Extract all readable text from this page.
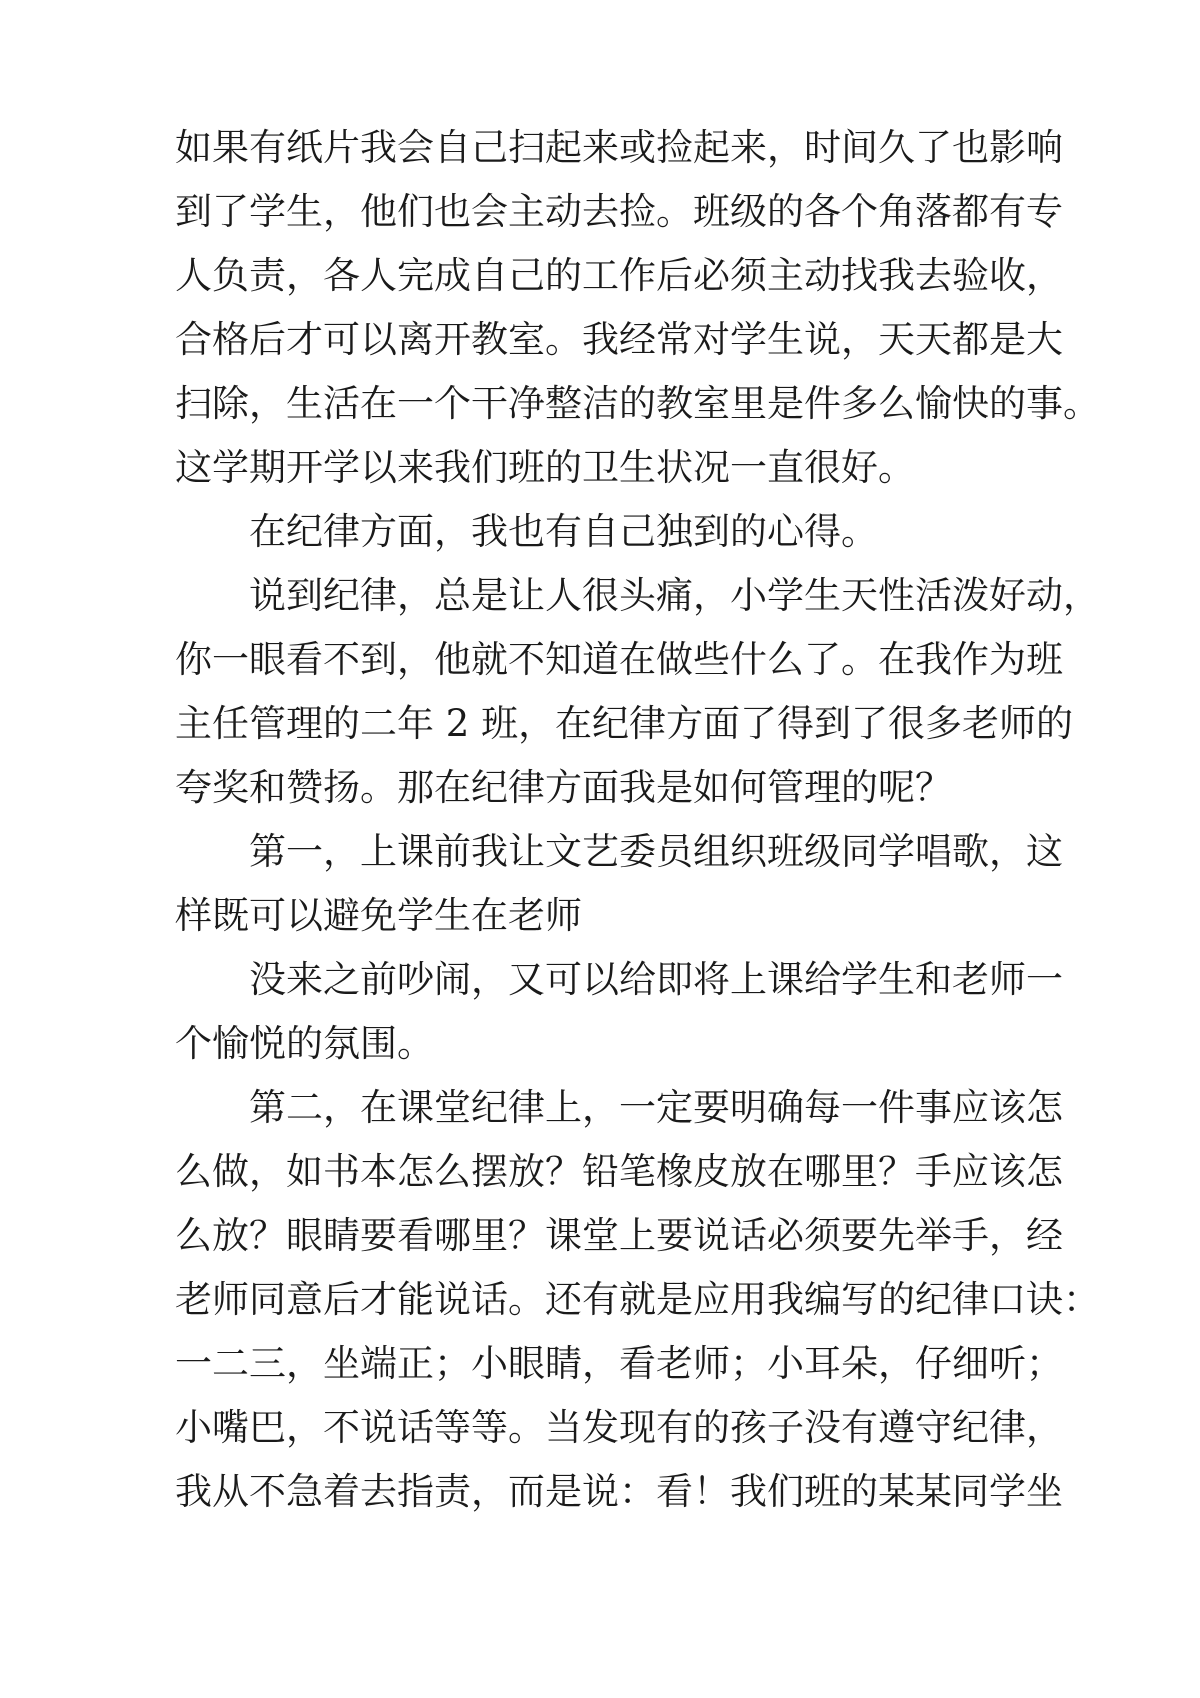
如果有纸片我会自己扫起来或捡起来，时间久了也影响
到了学生，他们也会主动去捡。班级的各个角落都有专
人负责，各人完成自己的工作后必须主动找我去验收，
合格后才可以离开教室。我经常对学生说，天天都是大
扫除，生活在一个干净整洁的教室里是件多么愉快的事。
这学期开学以来我们班的卫生状况一直很好。
在纪律方面，我也有自己独到的心得。
说到纪律，总是让人很头痛，小学生天性活泼好动，
你一眼看不到，他就不知道在做些什么了。在我作为班
主任管理的二年 2 班，在纪律方面了得到了很多老师的
夸奖和赞扬。那在纪律方面我是如何管理的呢？
第一，上课前我让文艺委员组织班级同学唱歌，这
样既可以避免学生在老师
没来之前吵闹，又可以给即将上课给学生和老师一
个愉悦的氛围。
第二，在课堂纪律上，一定要明确每一件事应该怎
么做，如书本怎么摆放？铅笔橡皮放在哪里？手应该怎
么放？眼睛要看哪里？课堂上要说话必须要先举手，经
老师同意后才能说话。还有就是应用我编写的纪律口诀：
一二三，坐端正；小眼睛，看老师；小耳朵，仔细听；
小嘴巴，不说话等等。当发现有的孩子没有遵守纪律，
我从不急着去指责，而是说：看！我们班的某某同学坐
